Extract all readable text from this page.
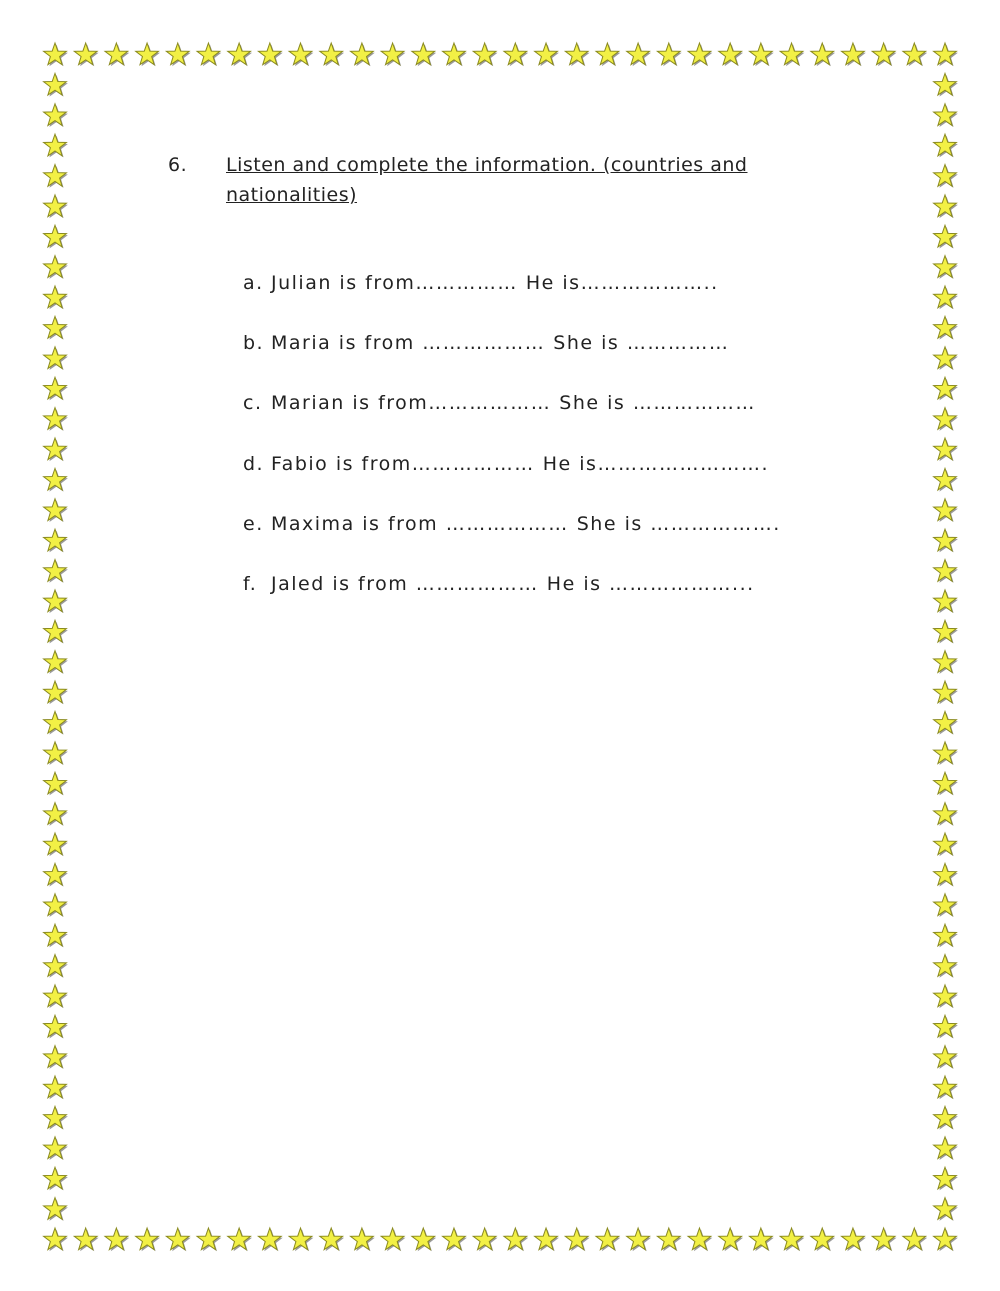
6.	Listen and complete the information. (countries and
nationalities)
a. Julian is from…………… He is………………..
b. Maria is from ……………… She is ……………
c. Marian is from……………… She is ………………
d. Fabio is from……………… He is…………………….
e. Maxima is from ……………… She is ……………….
f. Jaled is from ……………… He is ………………...
